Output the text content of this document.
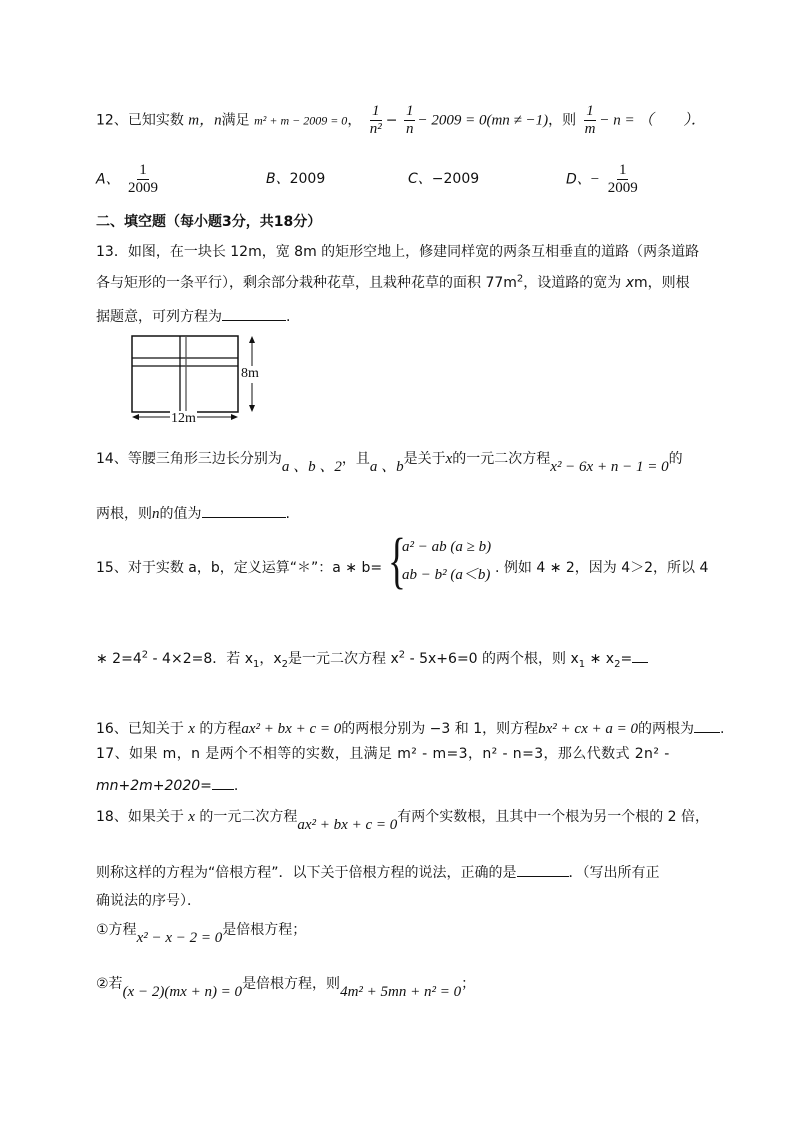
12、已知实数 m，n满足 m² + m − 2009 = 0， $\frac{1}{\text{n²}} - \frac{1}{n} - 2009 = 0(mn \ne -1)$，则 $\frac{1}{m} - n$ = （　　）．
A、 $\frac{1}{2009}$	B、2009	C、−2009	D、− $\frac{1}{2009}$
二、填空题（每小题3分，共18分）
13．如图，在一块长 12m，宽 8m 的矩形空地上，修建同样宽的两条互相垂直的道路（两条道路
各与矩形的一条平行），剩余部分栽种花草，且栽种花草的面积 $77m^2$，设道路的宽为 xm，则根
据题意，可列方程为	.
8m
12m
14、等腰三角形三边长分别为a 、b 、2，且a 、b是关于x的一元二次方程x² − 6x + n − 1 = 0的
两根，则n的值为	.
15、对于实数 a，b，定义运算“＊”：a ∗ b= {
a² − ab (a ≥ b)
ab − b² (a＜b) . 例如 4 ∗ 2，因为 4＞2，所以 4
∗ $2=4^2 - 4\times 2=8$．若 $x_1$，$x_2$是一元二次方程 $x^2 - 5x+6=0$ 的两个根，则 $x_1$ ∗ $x_2=$
16、已知关于 x 的方程ax² + bx + c = 0的两根分别为 −3 和 1，则方程bx² + cx + a = 0的两根为 .
17、如果 m，n 是两个不相等的实数，且满足 m² - m=3，n² - n=3，那么代数式 2n² -
mn+2m+2020= .
18、如果关于 x 的一元二次方程ax² + bx + c = 0有两个实数根，且其中一个根为另一个根的 2 倍，
则称这样的方程为“倍根方程”．以下关于倍根方程的说法，正确的是	．（写出所有正
确说法的序号）．
①方程x² − x − 2 = 0是倍根方程；
②若(x − 2)(mx + n) = 0是倍根方程，则4m² + 5mn + n² = 0；
